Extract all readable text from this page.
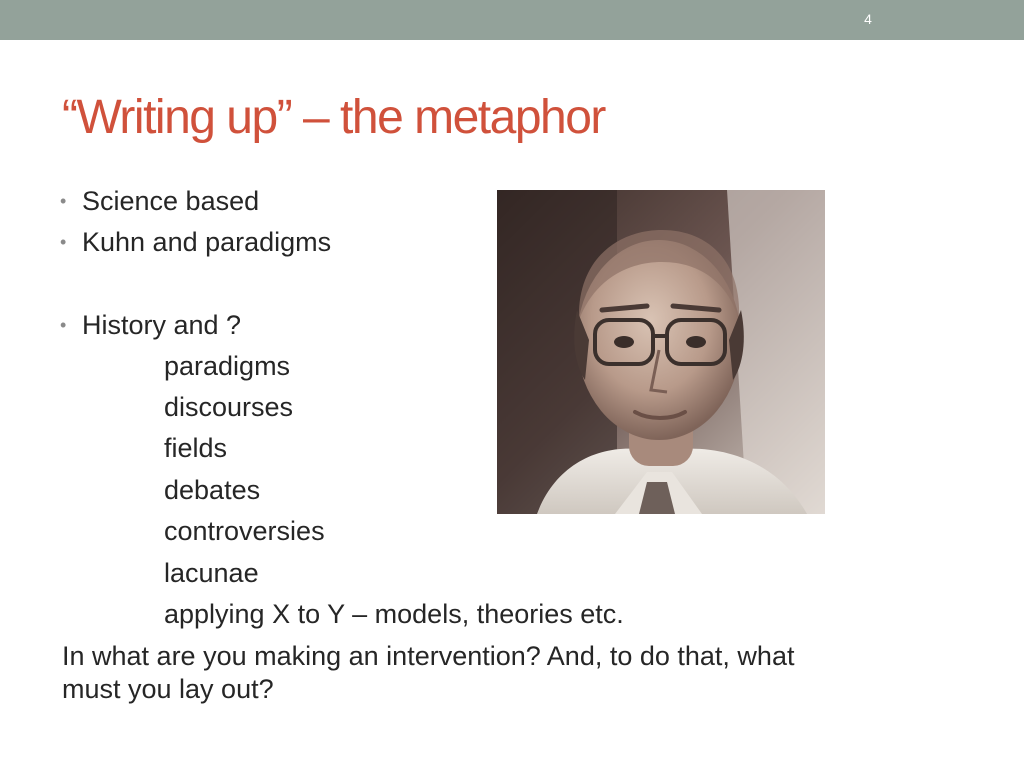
4
“Writing up” – the metaphor
• Science based
• Kuhn and paradigms
• History and ?
paradigms
discourses
fields
debates
controversies
lacunae
applying X to Y – models, theories etc.
In what are you making an intervention? And, to do that, what
must you lay out?
